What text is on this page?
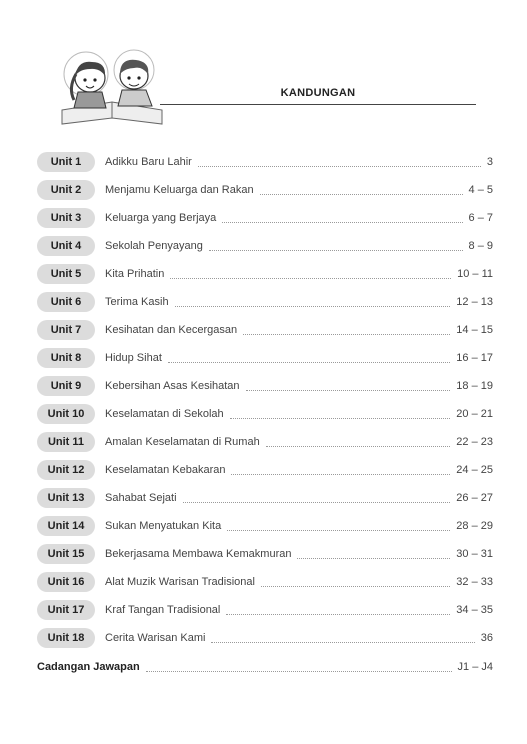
KANDUNGAN
Unit 1	Adikku Baru Lahir	3
Unit 2	Menjamu Keluarga dan Rakan	4 – 5
Unit 3	Keluarga yang Berjaya	6 – 7
Unit 4	Sekolah Penyayang	8 – 9
Unit 5	Kita Prihatin	10 – 11
Unit 6	Terima Kasih	12 – 13
Unit 7	Kesihatan dan Kecergasan	14 – 15
Unit 8	Hidup Sihat	16 – 17
Unit 9	Kebersihan Asas Kesihatan	18 – 19
Unit 10	Keselamatan di Sekolah	20 – 21
Unit 11	Amalan Keselamatan di Rumah	22 – 23
Unit 12	Keselamatan Kebakaran	24 – 25
Unit 13	Sahabat Sejati	26 – 27
Unit 14	Sukan Menyatukan Kita	28 – 29
Unit 15	Bekerjasama Membawa Kemakmuran	30 – 31
Unit 16	Alat Muzik Warisan Tradisional	32 – 33
Unit 17	Kraf Tangan Tradisional	34 – 35
Unit 18	Cerita Warisan Kami	36
Cadangan Jawapan	J1 – J4
